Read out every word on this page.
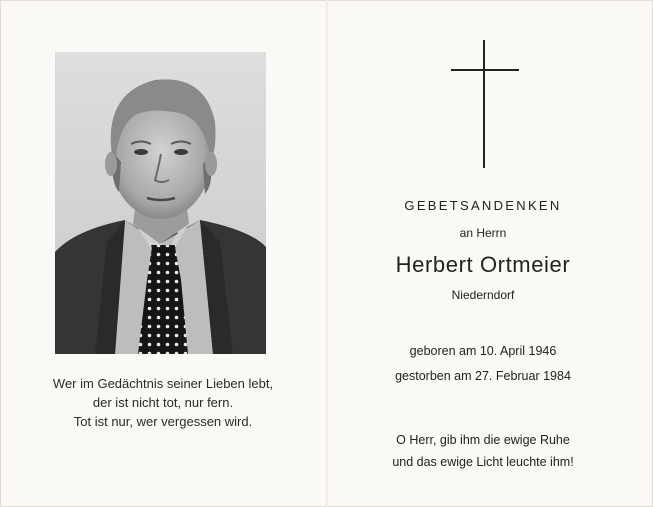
Wer im Gedächtnis seiner Lieben lebt,
der ist nicht tot, nur fern.
Tot ist nur, wer vergessen wird.
GEBETSANDENKEN
an Herrn
Herbert Ortmeier
Niederndorf
geboren am 10. April 1946
gestorben am 27. Februar 1984
O Herr, gib ihm die ewige Ruhe
und das ewige Licht leuchte ihm!
